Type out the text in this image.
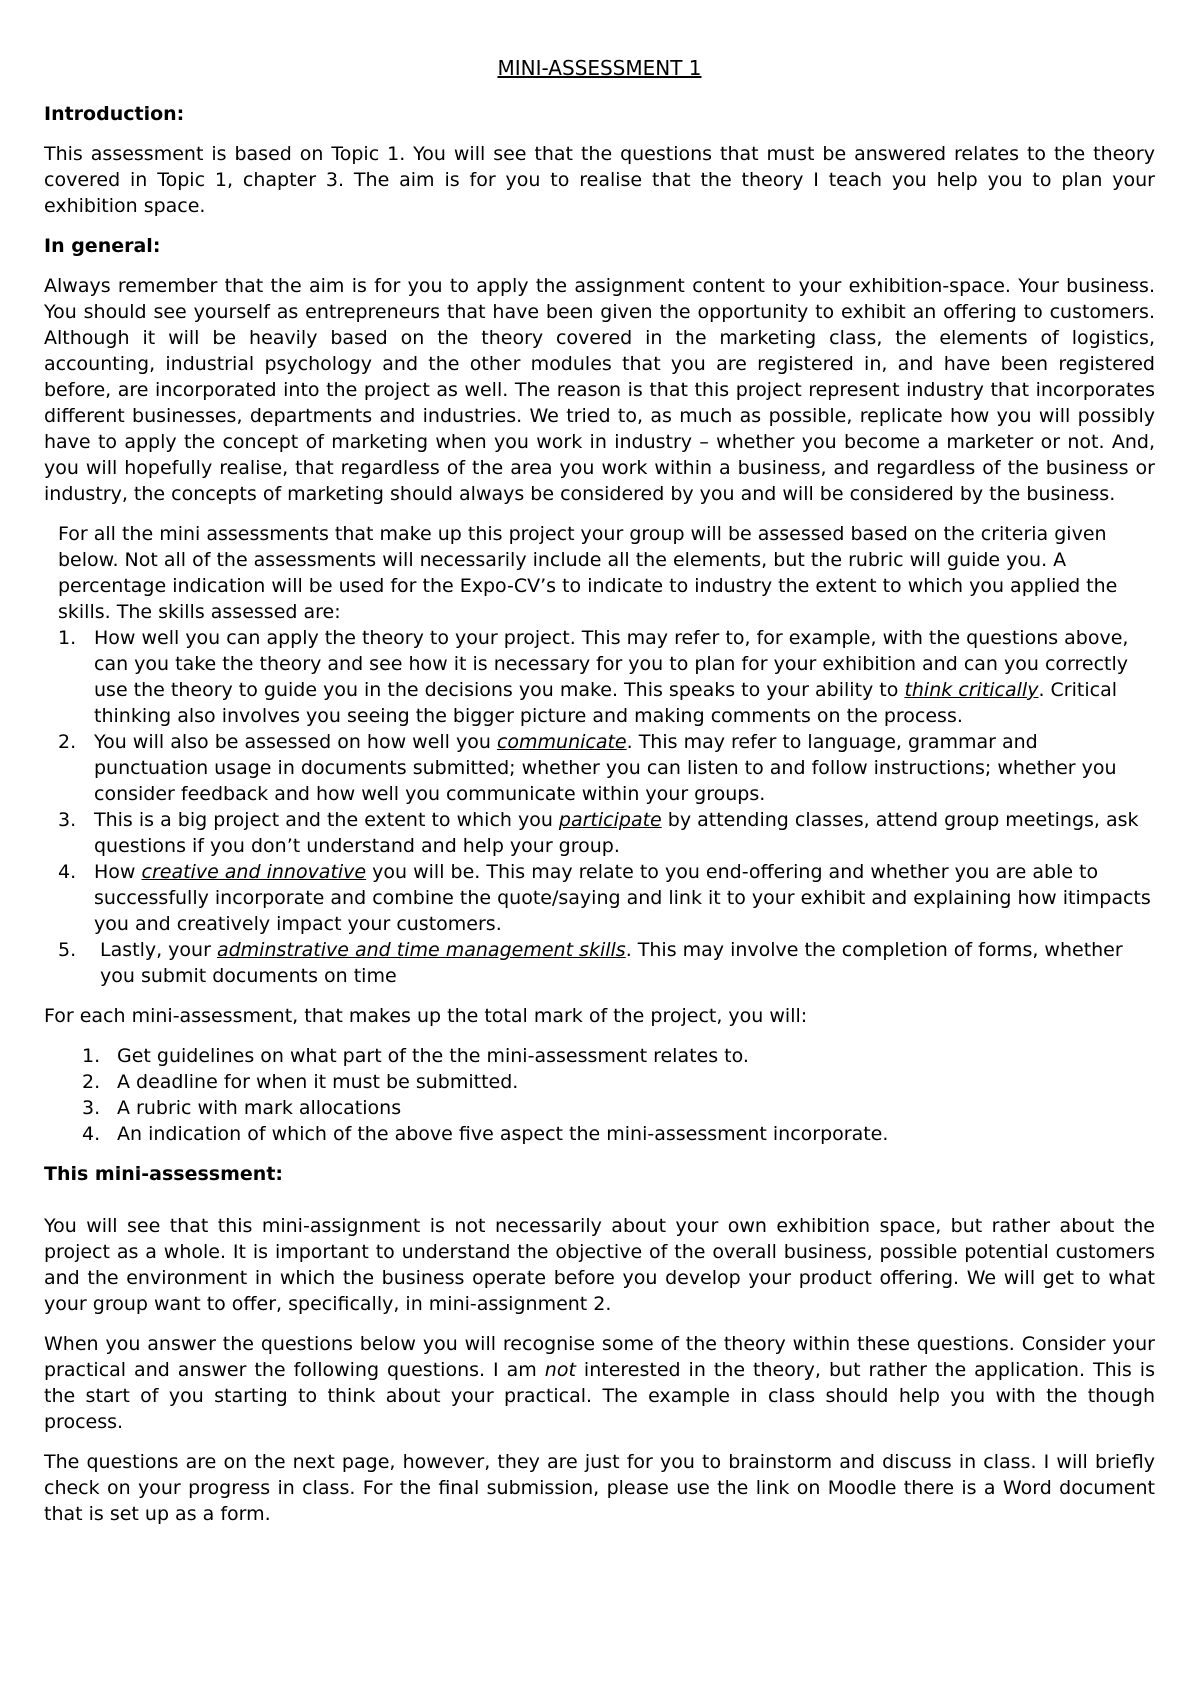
MINI-ASSESSMENT 1
Introduction:

This assessment is based on Topic 1. You will see that the questions that must be answered relates to the theory covered in Topic 1, chapter 3. The aim is for you to realise that the theory I teach you help you to plan your exhibition space.

In general:

Always remember that the aim is for you to apply the assignment content to your exhibition-space. Your business. You should see yourself as entrepreneurs that have been given the opportunity to exhibit an offering to customers. Although it will be heavily based on the theory covered in the marketing class, the elements of logistics, accounting, industrial psychology and the other modules that you are registered in, and have been registered before, are incorporated into the project as well. The reason is that this project represent industry that incorporates different businesses, departments and industries. We tried to, as much as possible, replicate how you will possibly have to apply the concept of marketing when you work in industry – whether you become a marketer or not. And, you will hopefully realise, that regardless of the area you work within a business, and regardless of the business or industry, the concepts of marketing should always be considered by you and will be considered by the business.

For all the mini assessments that make up this project your group will be assessed based on the criteria given below. Not all of the assessments will necessarily include all the elements, but the rubric will guide you. A percentage indication will be used for the Expo-CV’s to indicate to industry the extent to which you applied the skills. The skills assessed are:

1. How well you can apply the theory to your project. This may refer to, for example, with the questions above, can you take the theory and see how it is necessary for you to plan for your exhibition and can you correctly use the theory to guide you in the decisions you make. This speaks to your ability to think critically. Critical thinking also involves you seeing the bigger picture and making comments on the process.
2. You will also be assessed on how well you communicate. This may refer to language, grammar and punctuation usage in documents submitted; whether you can listen to and follow instructions; whether you consider feedback and how well you communicate within your groups.
3. This is a big project and the extent to which you participate by attending classes, attend group meetings, ask questions if you don’t understand and help your group.
4. How creative and innovative you will be. This may relate to you end-offering and whether you are able to successfully incorporate and combine the quote/saying and link it to your exhibit and explaining how itimpacts you and creatively impact your customers.
5. Lastly, your adminstrative and time management skills. This may involve the completion of forms, whether you submit documents on time

For each mini-assessment, that makes up the total mark of the project, you will:

1. Get guidelines on what part of the the mini-assessment relates to.
2. A deadline for when it must be submitted.
3. A rubric with mark allocations
4. An indication of which of the above five aspect the mini-assessment incorporate.
This mini-assessment:

You will see that this mini-assignment is not necessarily about your own exhibition space, but rather about the project as a whole. It is important to understand the objective of the overall business, possible potential customers and the environment in which the business operate before you develop your product offering. We will get to what your group want to offer, specifically, in mini-assignment 2.

When you answer the questions below you will recognise some of the theory within these questions. Consider your practical and answer the following questions. I am not interested in the theory, but rather the application. This is the start of you starting to think about your practical. The example in class should help you with the though process.

The questions are on the next page, however, they are just for you to brainstorm and discuss in class. I will briefly check on your progress in class. For the final submission, please use the link on Moodle there is a Word document that is set up as a form.
